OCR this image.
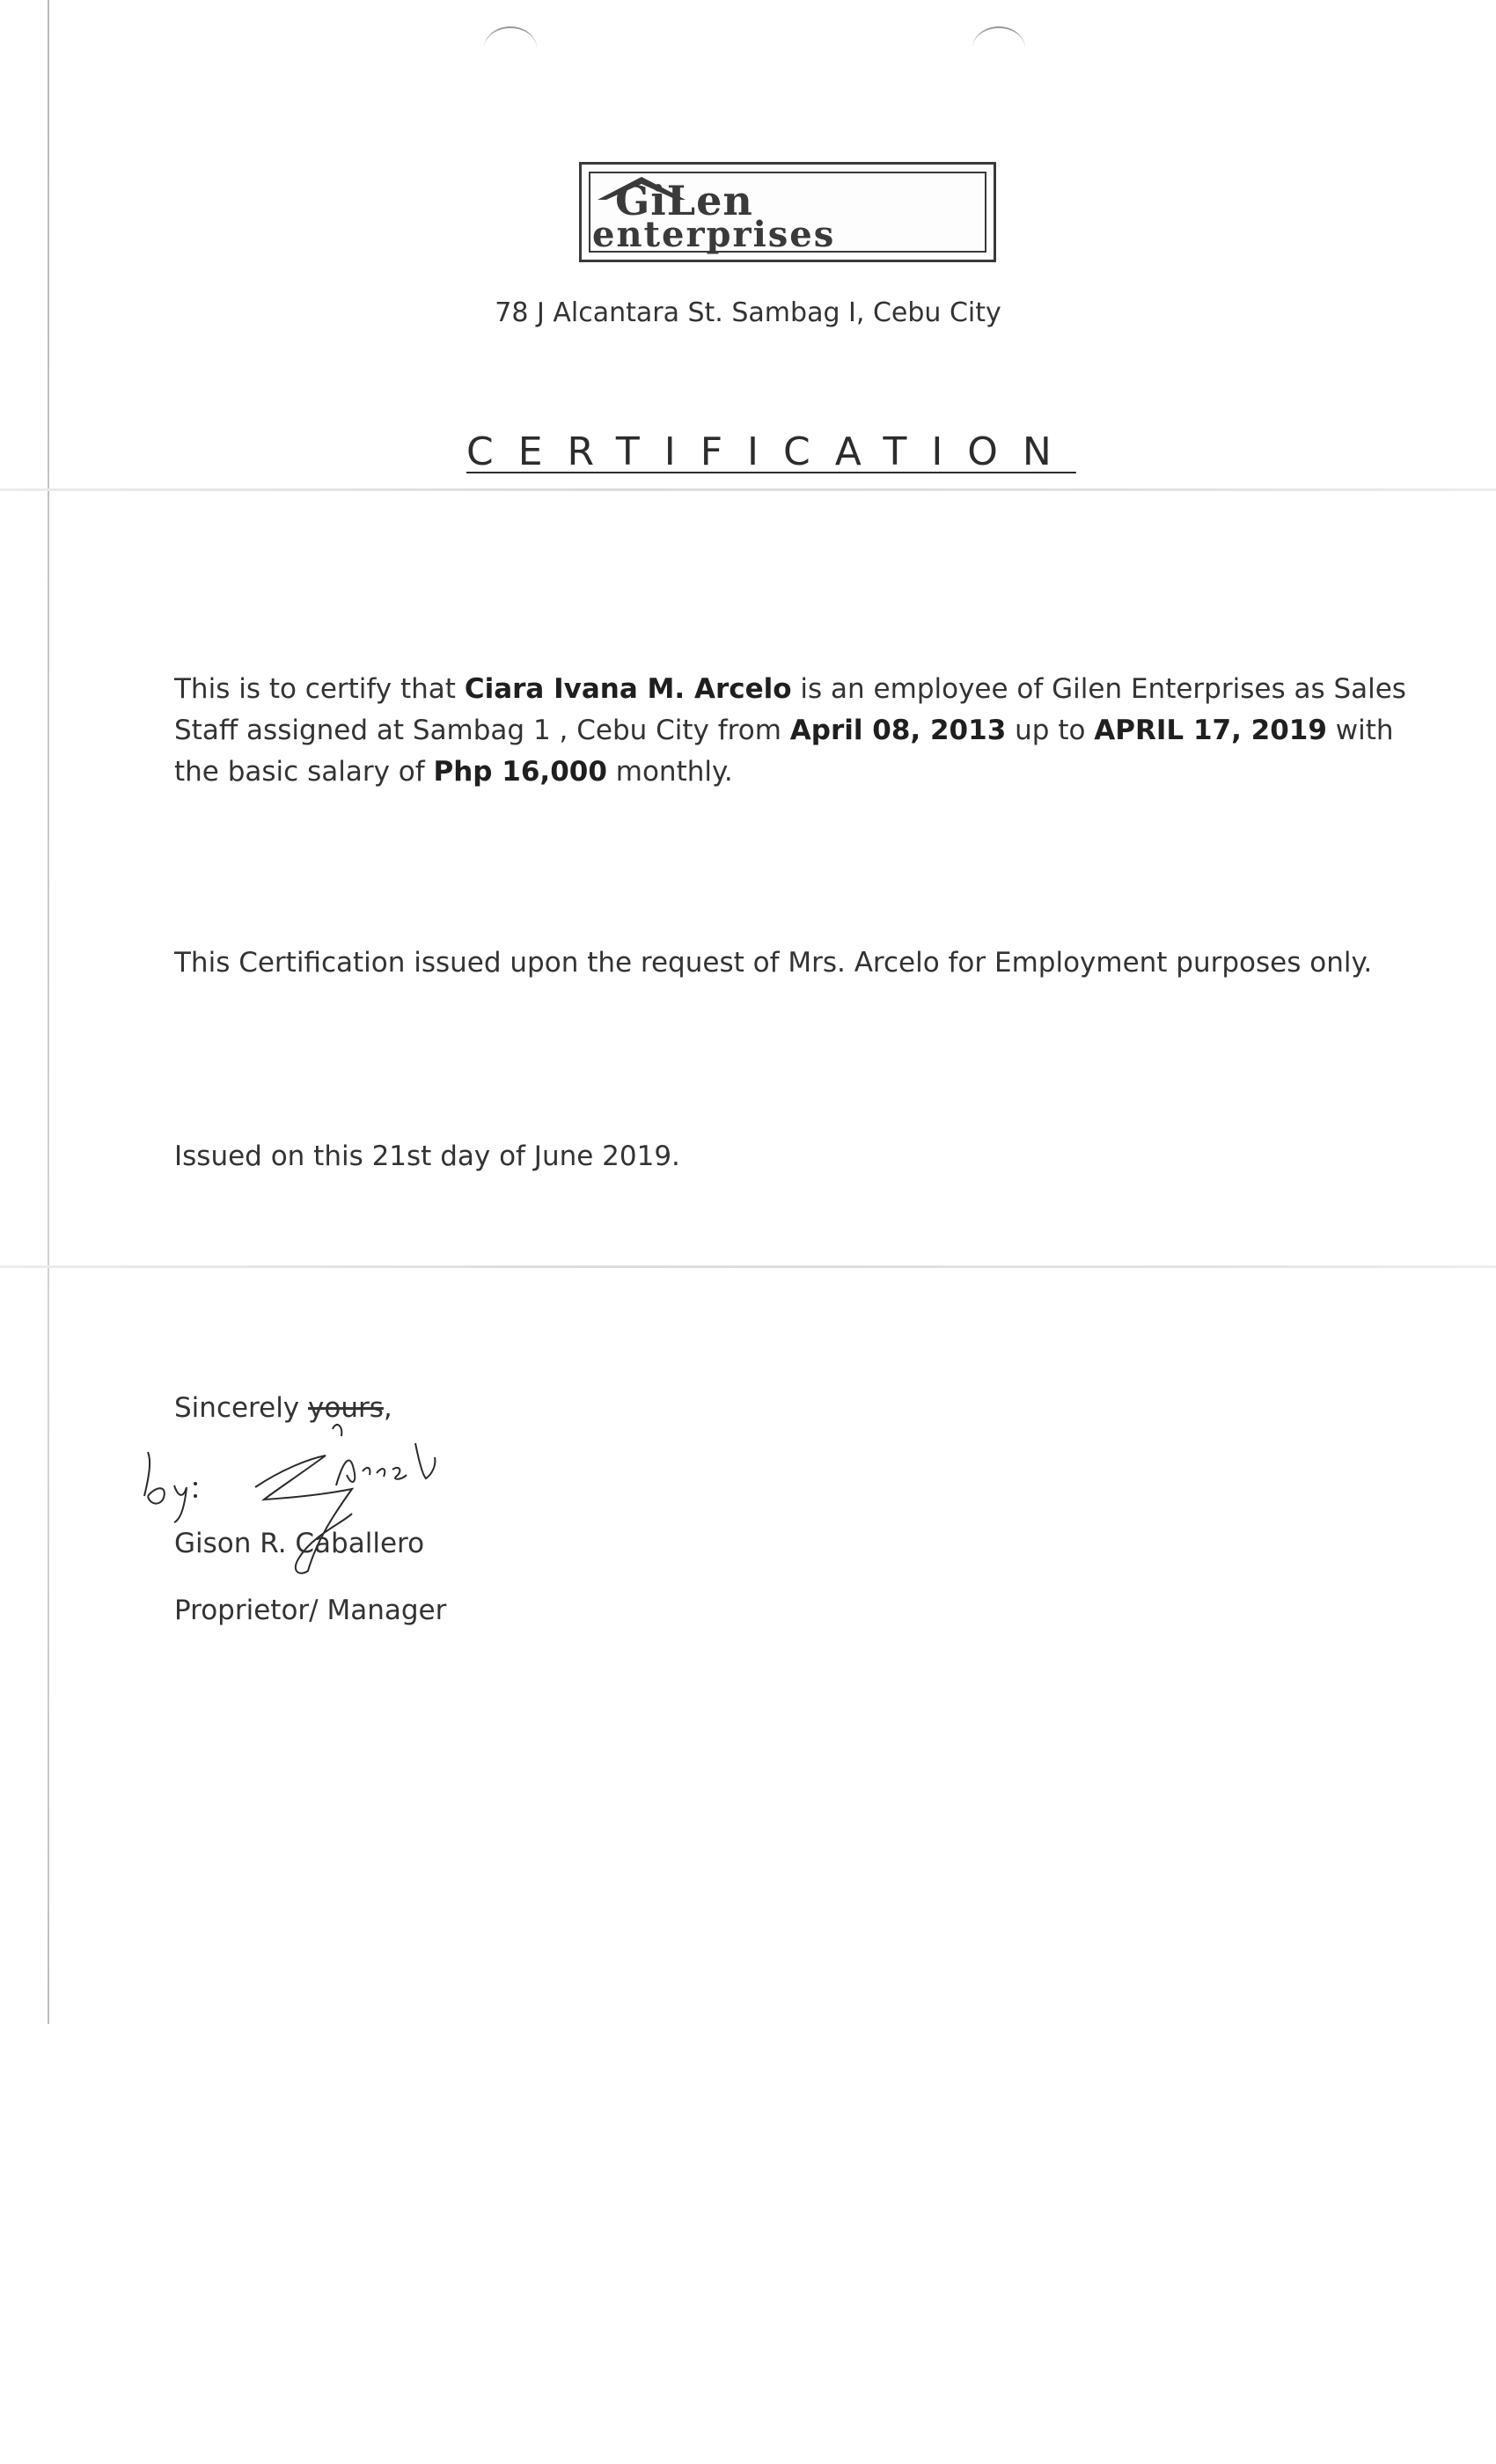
GiLen
enterprises
78 J Alcantara St. Sambag I, Cebu City
CERTIFICATION
This is to certify that Ciara Ivana M. Arcelo is an employee of Gilen Enterprises as Sales
Staff assigned at Sambag 1 , Cebu City from April 08, 2013 up to APRIL 17, 2019 with
the basic salary of Php 16,000 monthly.
This Certification issued upon the request of Mrs. Arcelo for Employment purposes only.
Issued on this 21st day of June 2019.
Sincerely yours,
Gison R. Caballero
Proprietor/ Manager
